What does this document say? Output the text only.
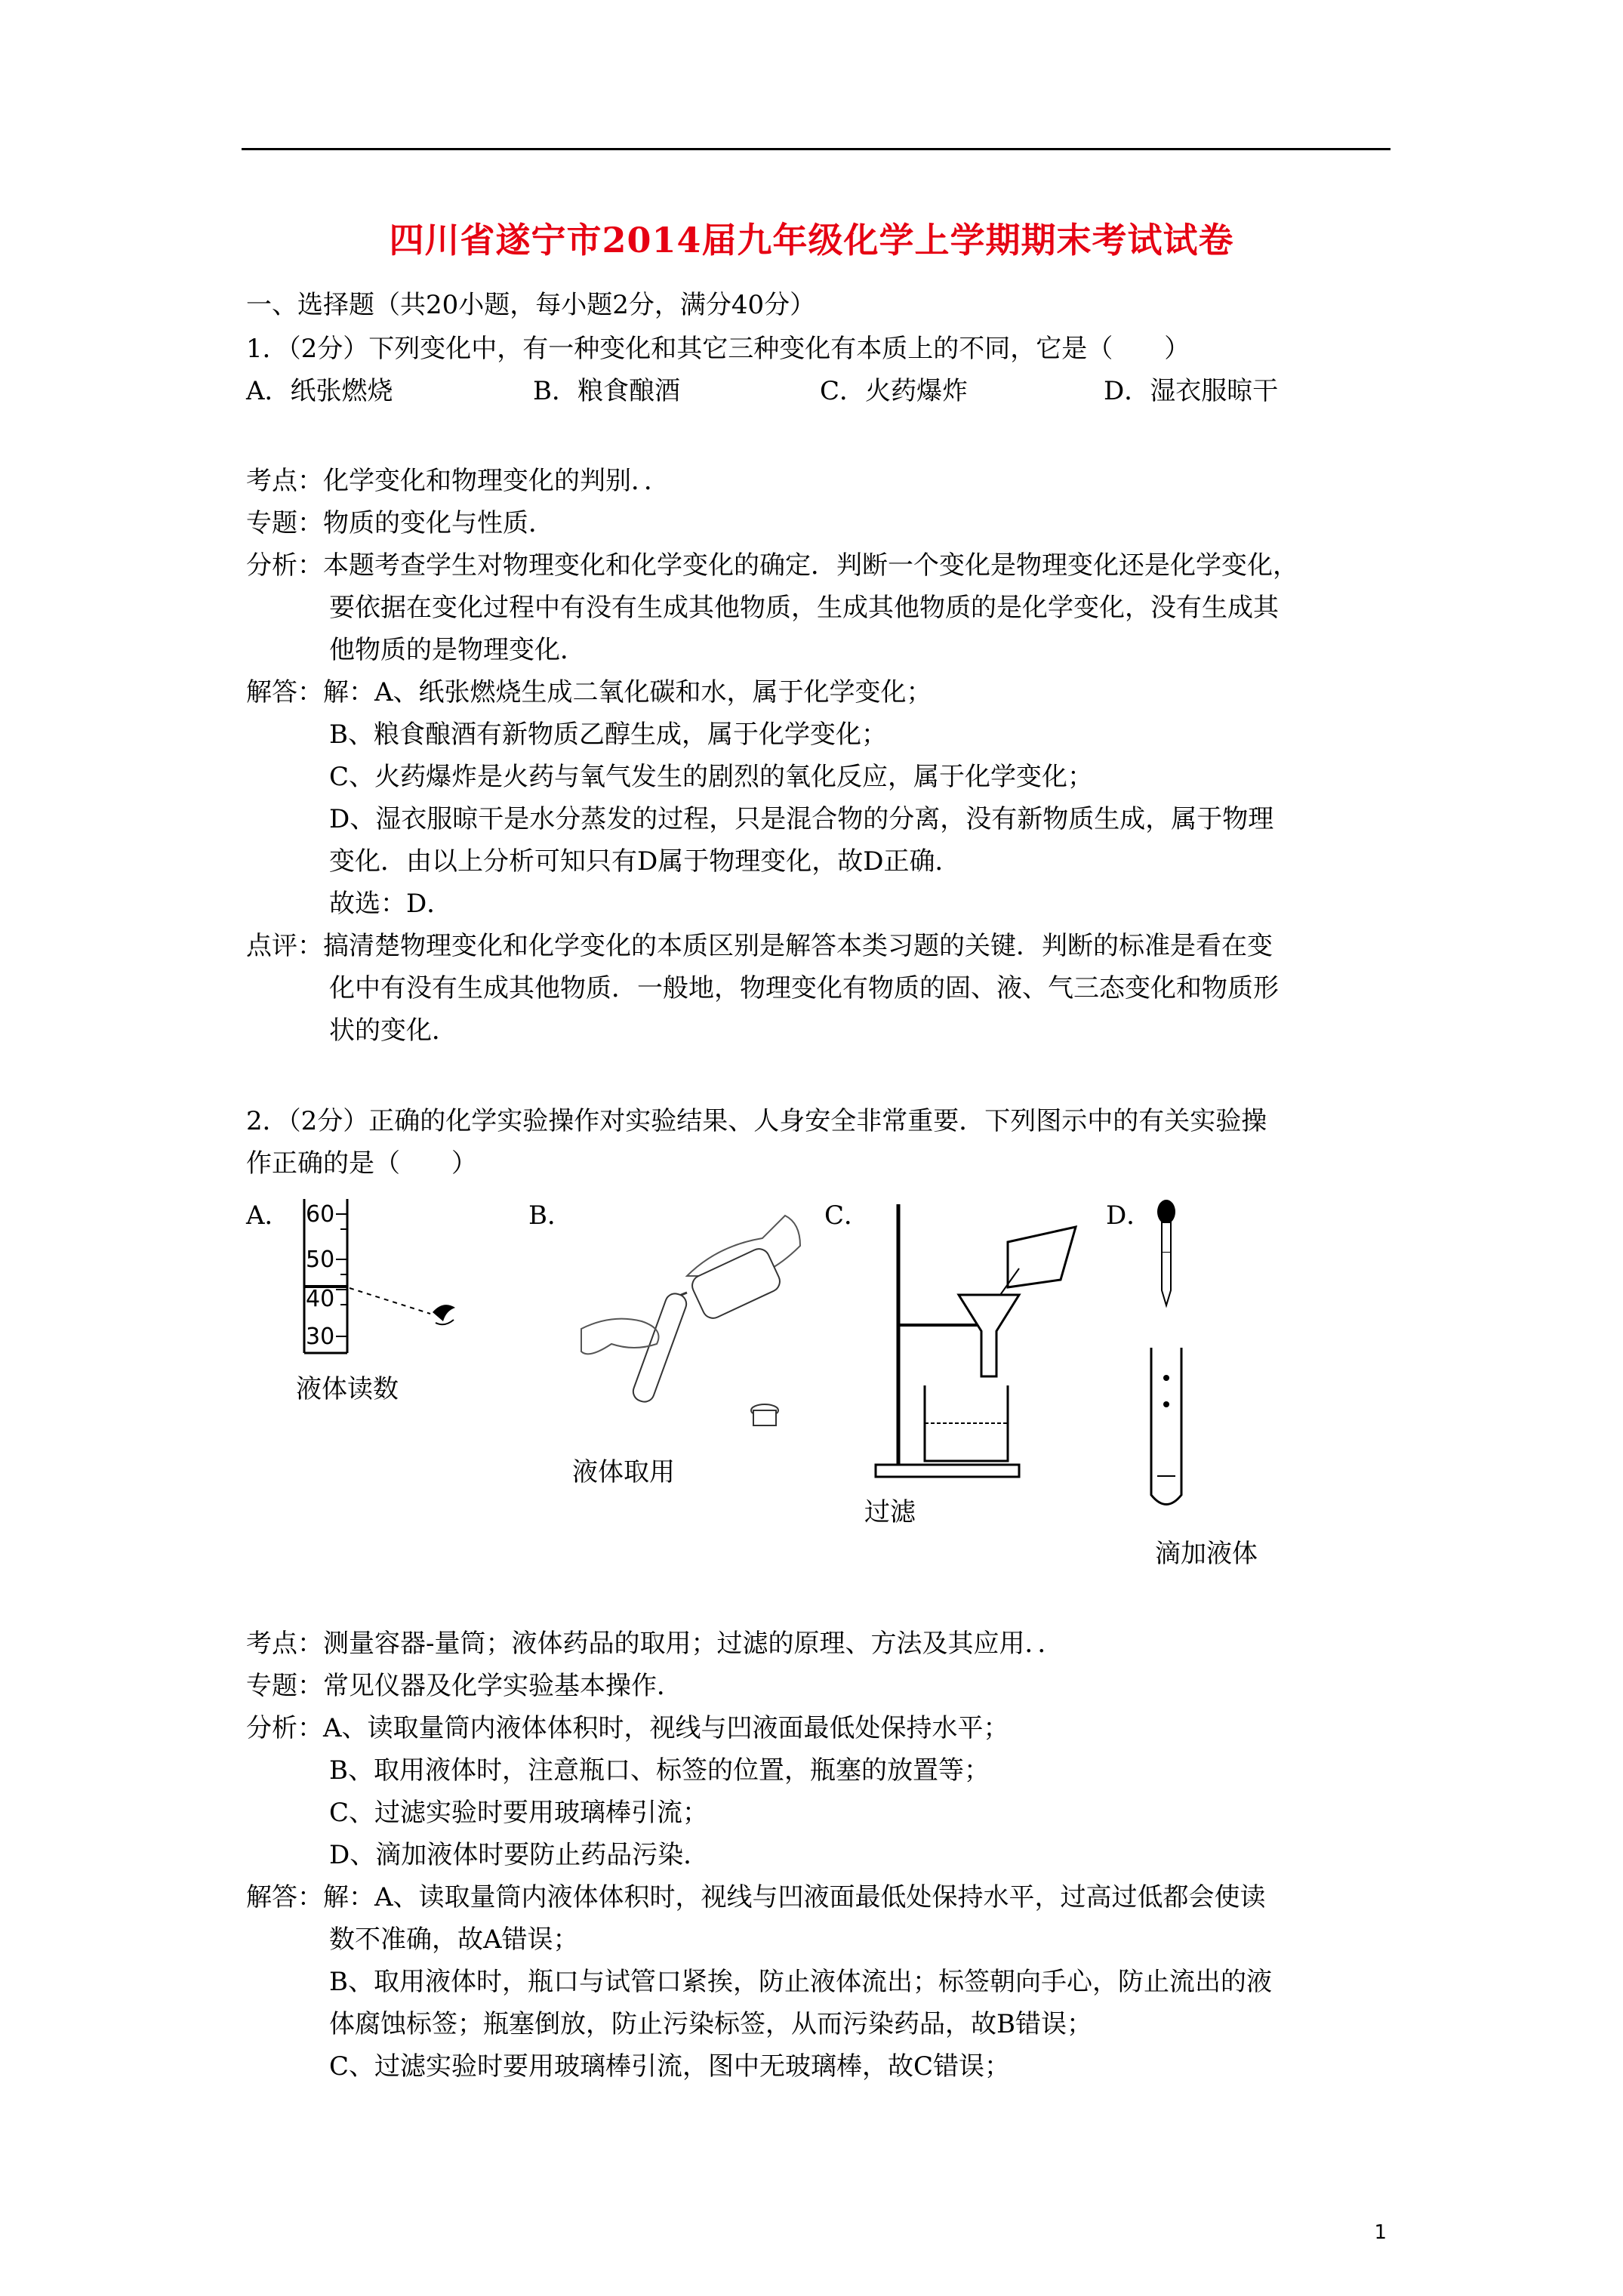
四川省遂宁市2014届九年级化学上学期期末考试试卷
一、选择题（共20小题，每小题2分，满分40分）
1．（2分）下列变化中，有一种变化和其它三种变化有本质上的不同，它是（　　）
A．纸张燃烧	B．粮食酿酒	C．火药爆炸	D．湿衣服晾干
考点：化学变化和物理变化的判别．．
专题：物质的变化与性质．
分析：本题考查学生对物理变化和化学变化的确定．判断一个变化是物理变化还是化学变化，
要依据在变化过程中有没有生成其他物质，生成其他物质的是化学变化，没有生成其
他物质的是物理变化．
解答：解：A、纸张燃烧生成二氧化碳和水，属于化学变化；
B、粮食酿酒有新物质乙醇生成，属于化学变化；
C、火药爆炸是火药与氧气发生的剧烈的氧化反应，属于化学变化；
D、湿衣服晾干是水分蒸发的过程，只是混合物的分离，没有新物质生成，属于物理
变化．由以上分析可知只有D属于物理变化，故D正确．
故选：D．
点评：搞清楚物理变化和化学变化的本质区别是解答本类习题的关键．判断的标准是看在变
化中有没有生成其他物质．一般地，物理变化有物质的固、液、气三态变化和物质形
状的变化．
2．（2分）正确的化学实验操作对实验结果、人身安全非常重要．下列图示中的有关实验操
作正确的是（　　）
A．	B．	C．	D．
60
50
40
30
液体读数
液体取用
过滤
滴加液体
考点：测量容器-量筒；液体药品的取用；过滤的原理、方法及其应用．．
专题：常见仪器及化学实验基本操作．
分析：A、读取量筒内液体体积时，视线与凹液面最低处保持水平；
B、取用液体时，注意瓶口、标签的位置，瓶塞的放置等；
C、过滤实验时要用玻璃棒引流；
D、滴加液体时要防止药品污染．
解答：解：A、读取量筒内液体体积时，视线与凹液面最低处保持水平，过高过低都会使读
数不准确，故A错误；
B、取用液体时，瓶口与试管口紧挨，防止液体流出；标签朝向手心，防止流出的液
体腐蚀标签；瓶塞倒放，防止污染标签，从而污染药品，故B错误；
C、过滤实验时要用玻璃棒引流，图中无玻璃棒，故C错误；
1
